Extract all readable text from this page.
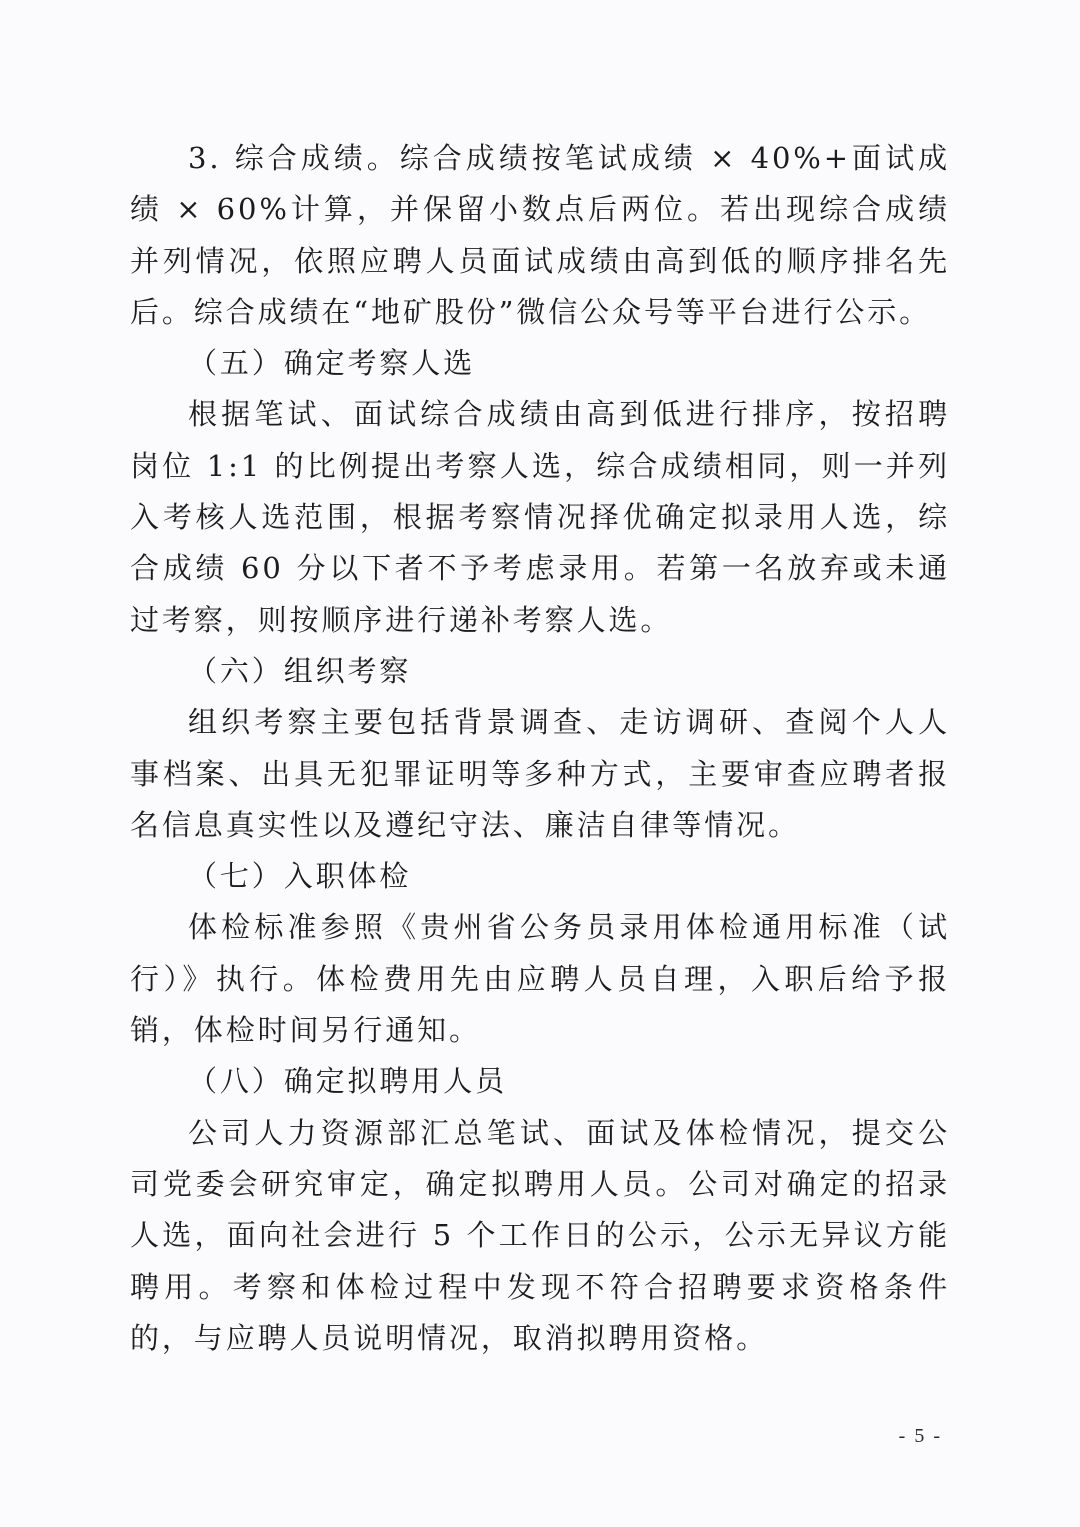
3. 综合成绩。综合成绩按笔试成绩 × 40%+面试成绩 × 60%计算，并保留小数点后两位。若出现综合成绩并列情况，依照应聘人员面试成绩由高到低的顺序排名先后。综合成绩在“地矿股份”微信公众号等平台进行公示。

（五）确定考察人选

根据笔试、面试综合成绩由高到低进行排序，按招聘岗位 1:1 的比例提出考察人选，综合成绩相同，则一并列入考核人选范围，根据考察情况择优确定拟录用人选，综合成绩 60 分以下者不予考虑录用。若第一名放弃或未通过考察，则按顺序进行递补考察人选。

（六）组织考察

组织考察主要包括背景调查、走访调研、查阅个人人事档案、出具无犯罪证明等多种方式，主要审查应聘者报名信息真实性以及遵纪守法、廉洁自律等情况。

（七）入职体检

体检标准参照《贵州省公务员录用体检通用标准（试行）》执行。体检费用先由应聘人员自理，入职后给予报销，体检时间另行通知。

（八）确定拟聘用人员

公司人力资源部汇总笔试、面试及体检情况，提交公司党委会研究审定，确定拟聘用人员。公司对确定的招录人选，面向社会进行 5 个工作日的公示，公示无异议方能聘用。考察和体检过程中发现不符合招聘要求资格条件的，与应聘人员说明情况，取消拟聘用资格。

- 5 -
